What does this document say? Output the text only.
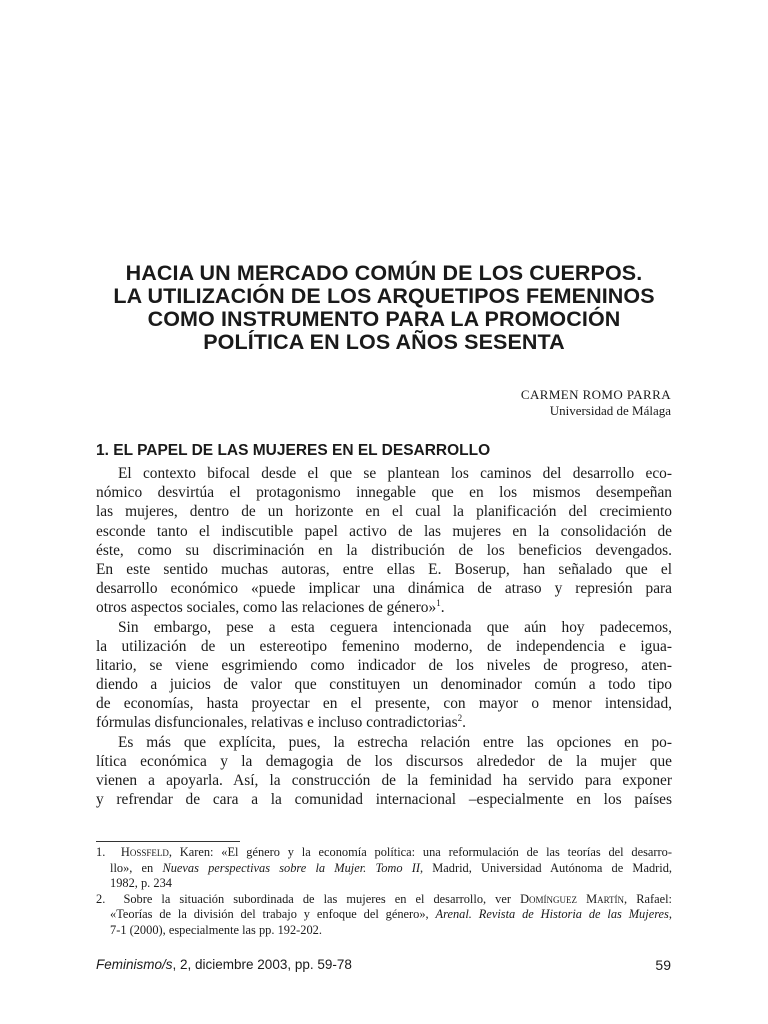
HACIA UN MERCADO COMÚN DE LOS CUERPOS.
LA UTILIZACIÓN DE LOS ARQUETIPOS FEMENINOS
COMO INSTRUMENTO PARA LA PROMOCIÓN
POLÍTICA EN LOS AÑOS SESENTA
CARMEN ROMO PARRA
Universidad de Málaga
1. EL PAPEL DE LAS MUJERES EN EL DESARROLLO
El contexto bifocal desde el que se plantean los caminos del desarrollo eco-
nómico desvirtúa el protagonismo innegable que en los mismos desempeñan
las mujeres, dentro de un horizonte en el cual la planificación del crecimiento
esconde tanto el indiscutible papel activo de las mujeres en la consolidación de
éste, como su discriminación en la distribución de los beneficios devengados.
En este sentido muchas autoras, entre ellas E. Boserup, han señalado que el
desarrollo económico «puede implicar una dinámica de atraso y represión para
otros aspectos sociales, como las relaciones de género»$^1$.
Sin embargo, pese a esta ceguera intencionada que aún hoy padecemos,
la utilización de un estereotipo femenino moderno, de independencia e igua-
litario, se viene esgrimiendo como indicador de los niveles de progreso, aten-
diendo a juicios de valor que constituyen un denominador común a todo tipo
de economías, hasta proyectar en el presente, con mayor o menor intensidad,
fórmulas disfuncionales, relativas e incluso contradictorias$^2$.
Es más que explícita, pues, la estrecha relación entre las opciones en po-
lítica económica y la demagogia de los discursos alrededor de la mujer que
vienen a apoyarla. Así, la construcción de la feminidad ha servido para exponer
y refrendar de cara a la comunidad internacional –especialmente en los países
1. Hossfeld, Karen: «El género y la economía política: una reformulación de las teorías del desarro-
llo», en Nuevas perspectivas sobre la Mujer. Tomo II, Madrid, Universidad Autónoma de Madrid,
1982, p. 234
2. Sobre la situación subordinada de las mujeres en el desarrollo, ver Domínguez Martín, Rafael:
«Teorías de la división del trabajo y enfoque del género», Arenal. Revista de Historia de las Mujeres,
7-1 (2000), especialmente las pp. 192-202.
Feminismo/s, 2, diciembre 2003, pp. 59-78	59
